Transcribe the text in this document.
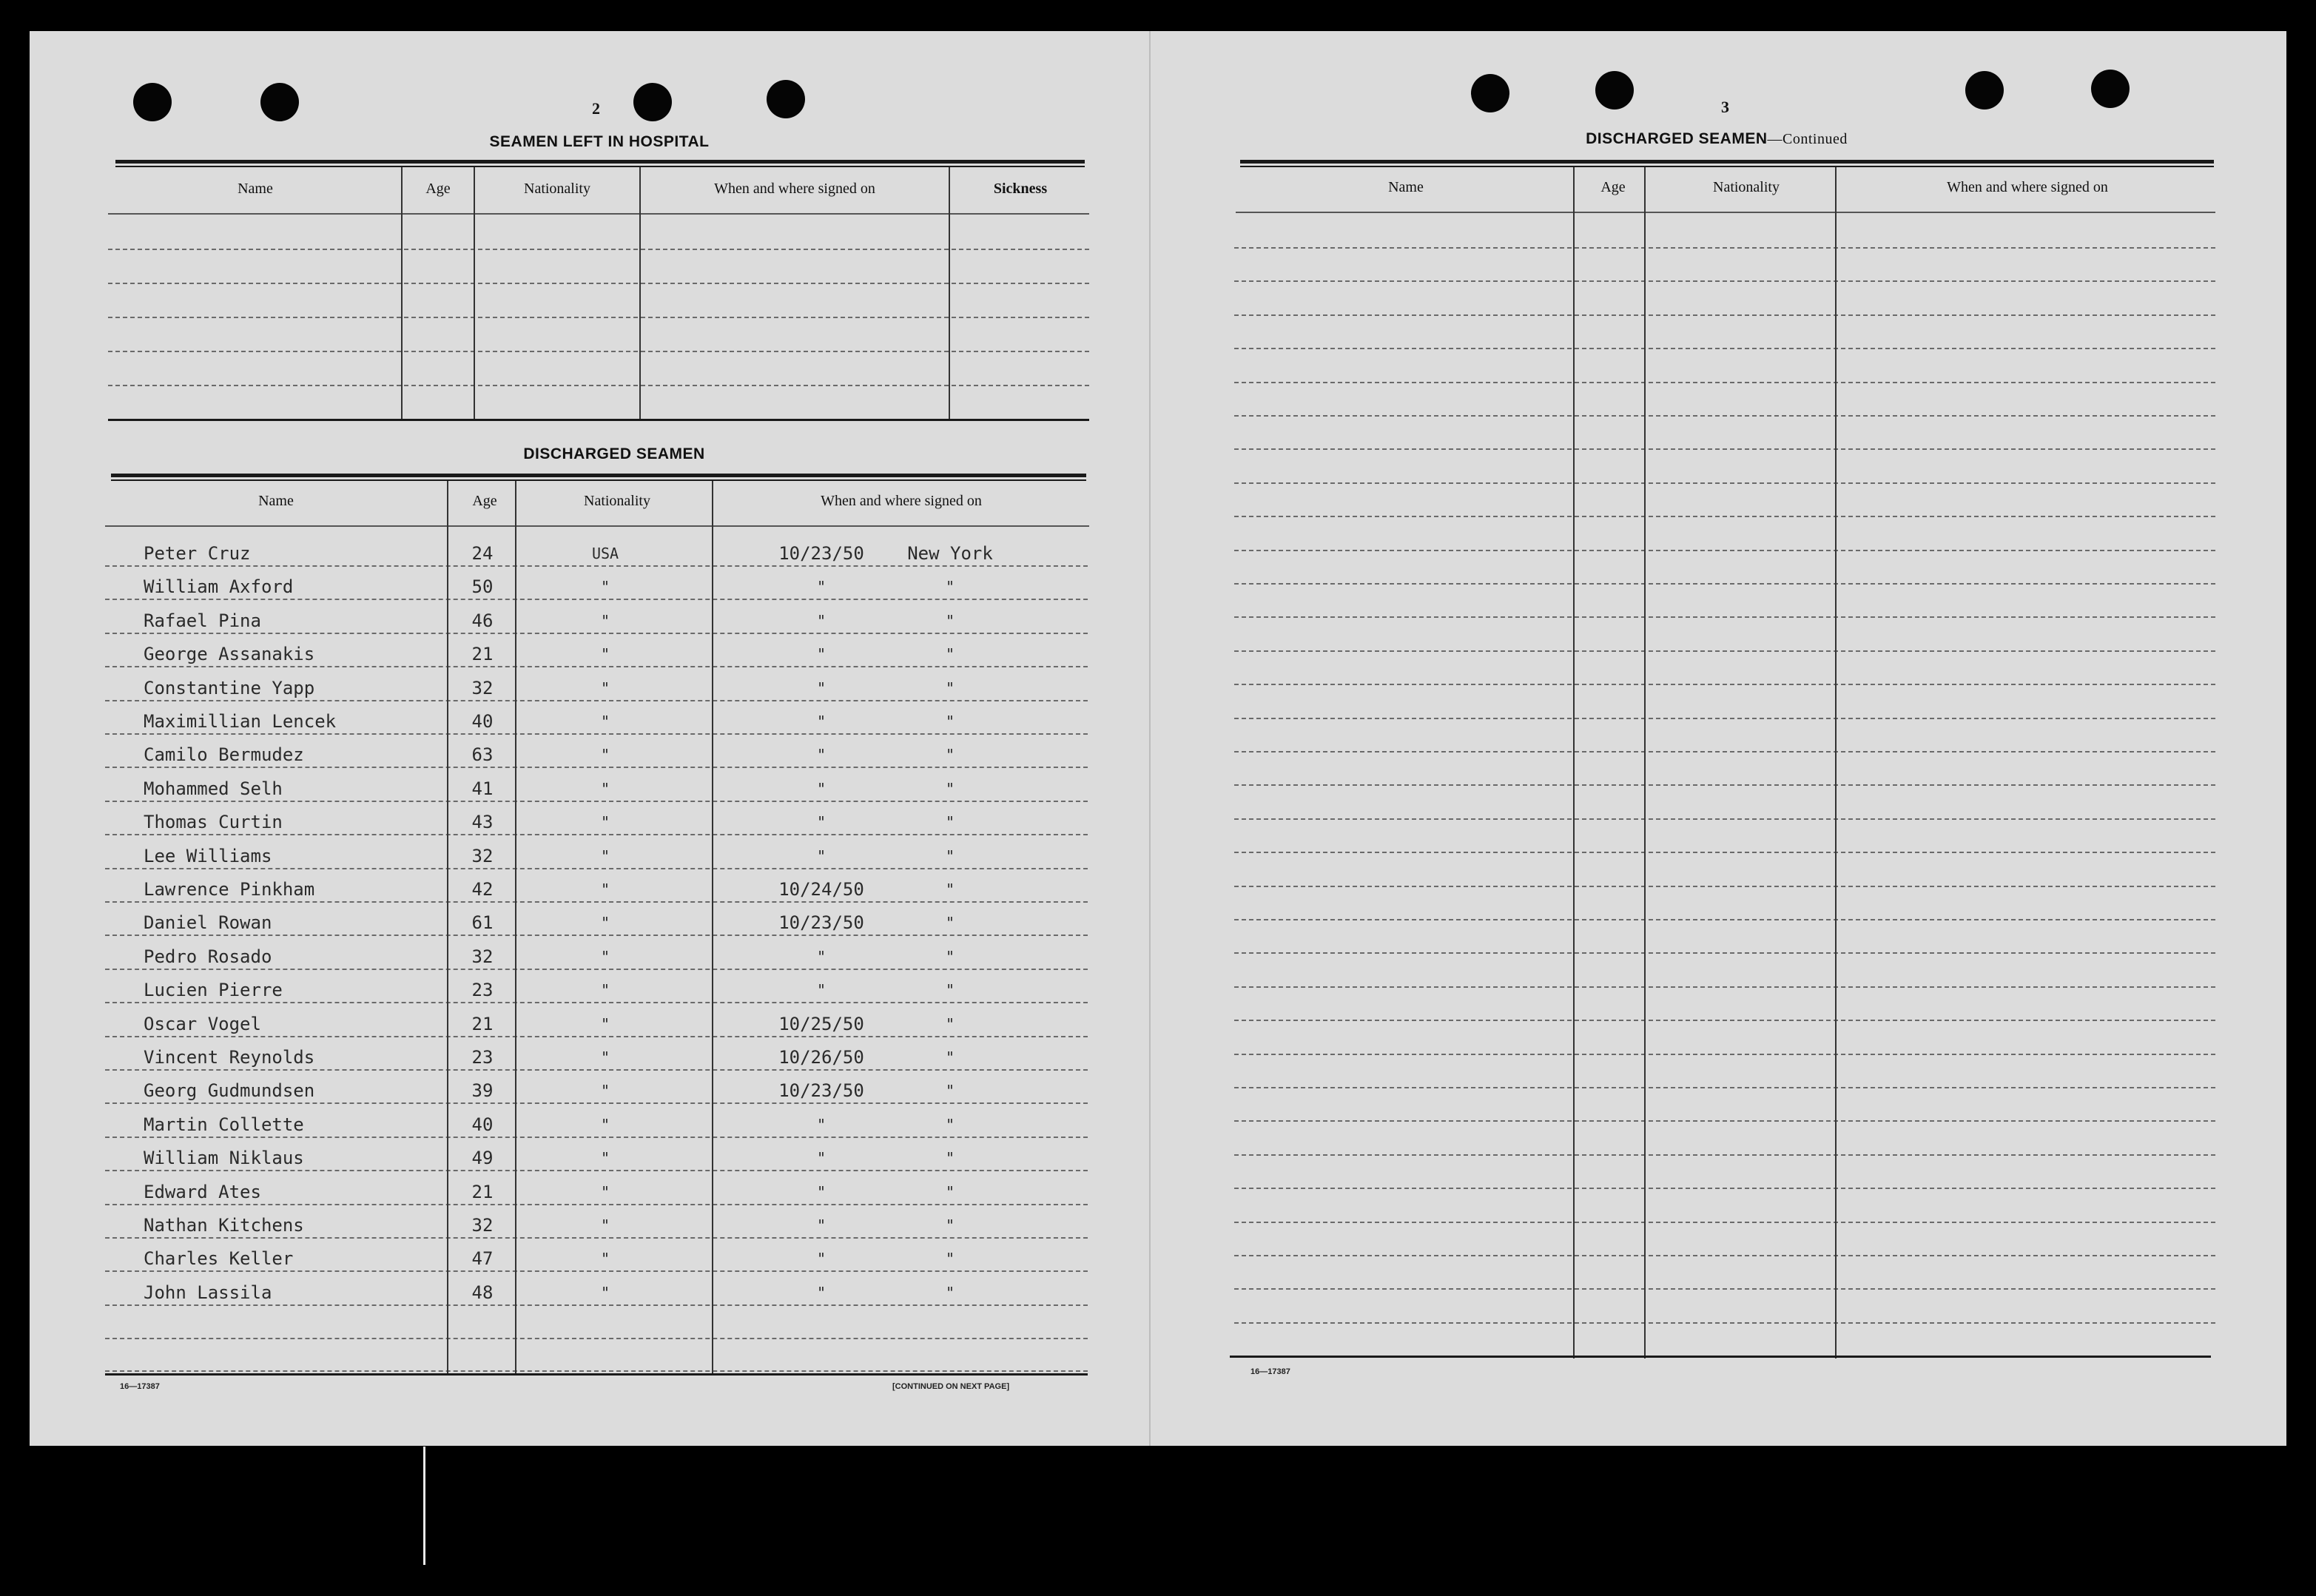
2
SEAMEN LEFT IN HOSPITAL
Name	Age	Nationality	When and where signed on	Sickness
DISCHARGED SEAMEN
Name	Age	Nationality	When and where signed on
Peter Cruz	24	USA	10/23/50	New York
William Axford	50	"	"	"
Rafael Pina	46	"	"	"
George Assanakis	21	"	"	"
Constantine Yapp	32	"	"	"
Maximillian Lencek	40	"	"	"
Camilo Bermudez	63	"	"	"
Mohammed Selh	41	"	"	"
Thomas Curtin	43	"	"	"
Lee Williams	32	"	"	"
Lawrence Pinkham	42	"	10/24/50	"
Daniel Rowan	61	"	10/23/50	"
Pedro Rosado	32	"	"	"
Lucien Pierre	23	"	"	"
Oscar Vogel	21	"	10/25/50	"
Vincent Reynolds	23	"	10/26/50	"
Georg Gudmundsen	39	"	10/23/50	"
Martin Collette	40	"	"	"
William Niklaus	49	"	"	"
Edward Ates	21	"	"	"
Nathan Kitchens	32	"	"	"
Charles Keller	47	"	"	"
John Lassila	48	"	"	"
16—17387	[CONTINUED ON NEXT PAGE]
3
DISCHARGED SEAMEN—Continued
Name	Age	Nationality	When and where signed on
16—17387
